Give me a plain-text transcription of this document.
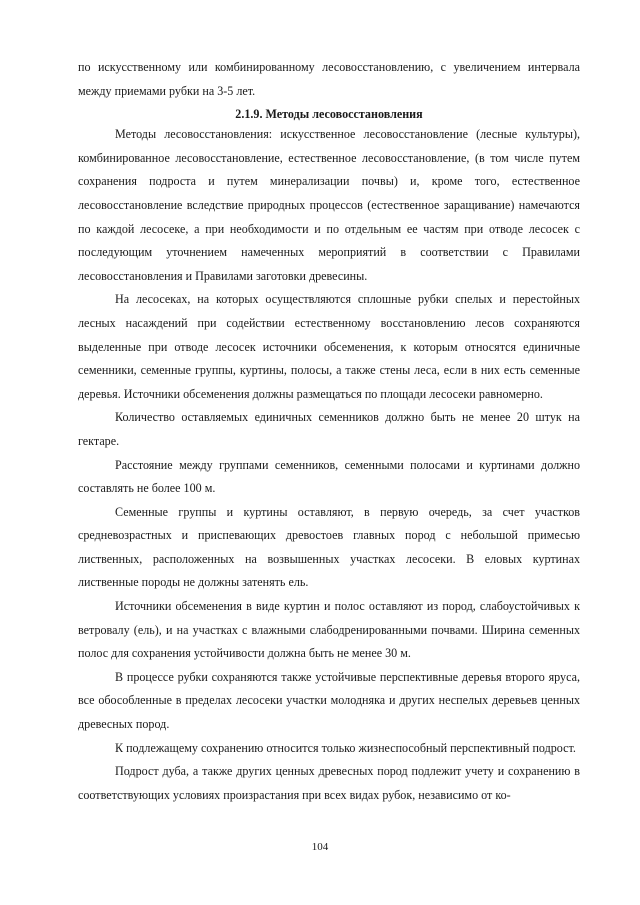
по искусственному или комбинированному лесовосстановлению, с увеличением интервала между приемами рубки на 3-5 лет.

2.1.9. Методы лесовосстановления

Методы лесовосстановления: искусственное лесовосстановление (лесные культуры), комбинированное лесовосстановление, естественное лесовосстановление, (в том числе путем сохранения подроста и путем минерализации почвы) и, кроме того, естественное лесовосстановление вследствие природных процессов (естественное заращивание) намечаются по каждой лесосеке, а при необходимости и по отдельным ее частям при отводе лесосек с последующим уточнением намеченных мероприятий в соответствии с Правилами лесовосстановления и Правилами заготовки древесины.

На лесосеках, на которых осуществляются сплошные рубки спелых и перестойных лесных насаждений при содействии естественному восстановлению лесов сохраняются выделенные при отводе лесосек источники обсеменения, к которым относятся единичные семенники, семенные группы, куртины, полосы, а также стены леса, если в них есть семенные деревья. Источники обсеменения должны размещаться по площади лесосеки равномерно.

Количество оставляемых единичных семенников должно быть не менее 20 штук на гектаре.

Расстояние между группами семенников, семенными полосами и куртинами должно составлять не более 100 м.

Семенные группы и куртины оставляют, в первую очередь, за счет участков средневозрастных и приспевающих древостоев главных пород с небольшой примесью лиственных, расположенных на возвышенных участках лесосеки. В еловых куртинах лиственные породы не должны затенять ель.

Источники обсеменения в виде куртин и полос оставляют из пород, слабоустойчивых к ветровалу (ель), и на участках с влажными слабодренированными почвами. Ширина семенных полос для сохранения устойчивости должна быть не менее 30 м.

В процессе рубки сохраняются также устойчивые перспективные деревья второго яруса, все обособленные в пределах лесосеки участки молодняка и других неспелых деревьев ценных древесных пород.

К подлежащему сохранению относится только жизнеспособный перспективный подрост.

Подрост дуба, а также других ценных древесных пород подлежит учету и сохранению в соответствующих условиях произрастания при всех видах рубок, независимо от ко-

104
